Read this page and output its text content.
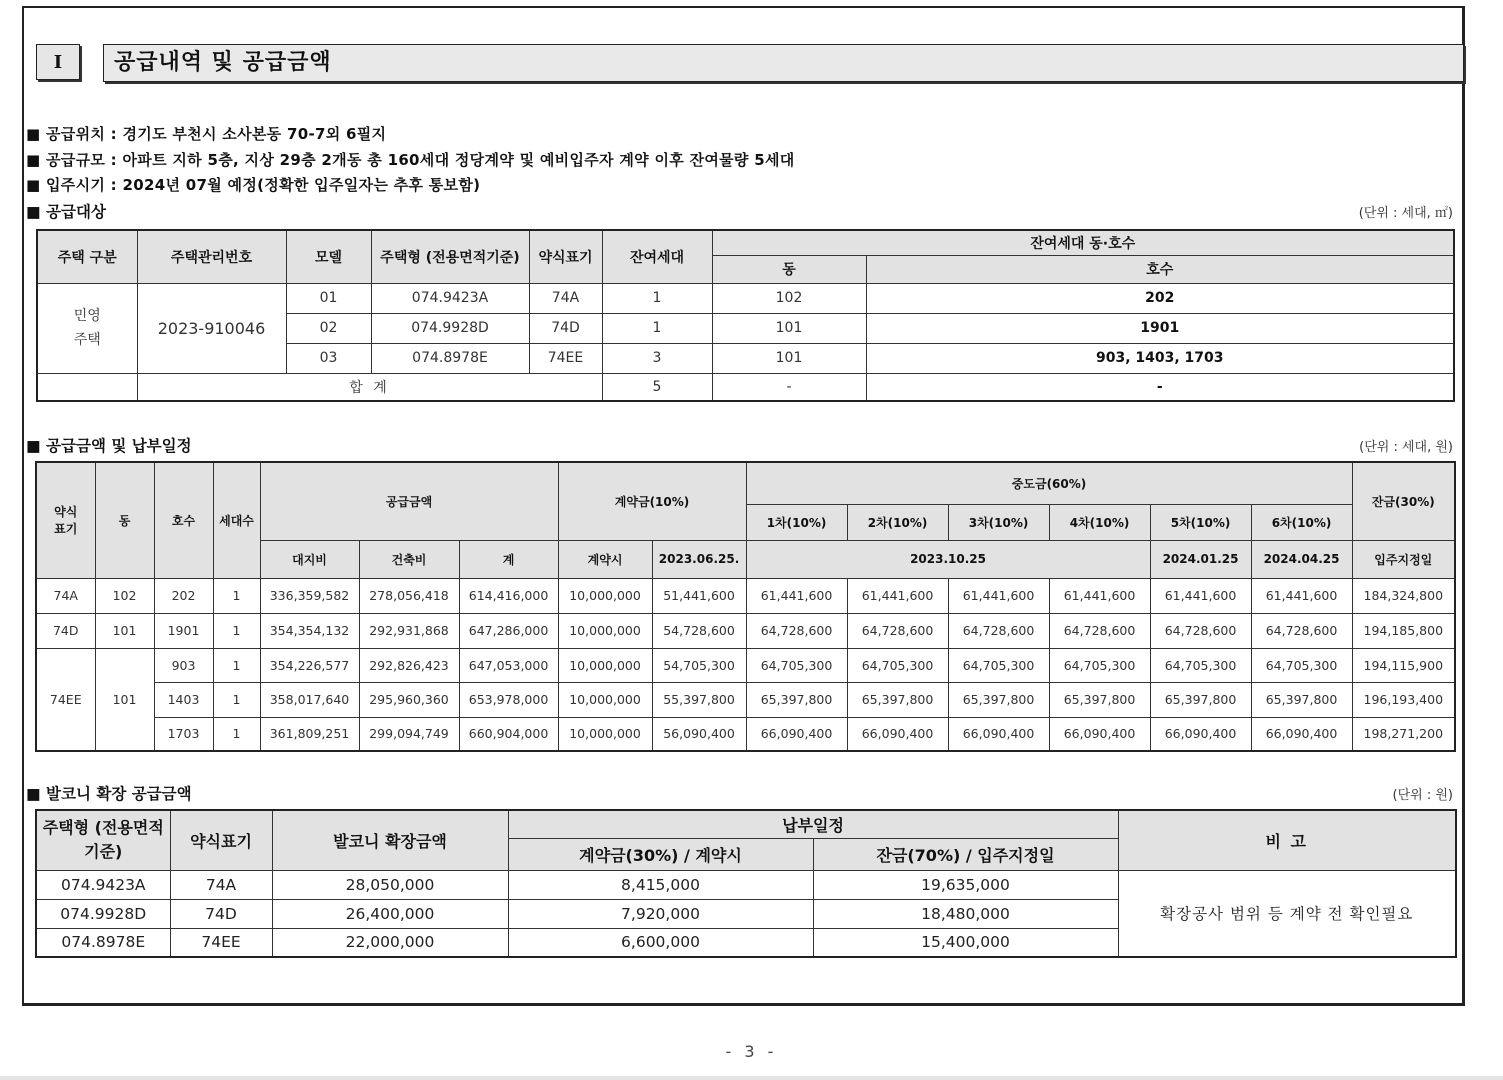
I	공급내역 및 공급금액
■ 공급위치 : 경기도 부천시 소사본동 70-7외 6필지
■ 공급규모 : 아파트 지하 5층, 지상 29층 2개동 총 160세대 정당계약 및 예비입주자 계약 이후 잔여물량 5세대
■ 입주시기 : 2024년 07월 예정(정확한 입주일자는 추후 통보함)
■ 공급대상	(단위 : 세대, ㎡)
주택 구분	주택관리번호	모델	주택형 (전용면적기준)	약식표기	잔여세대	잔여세대 동·호수	
						동	호수
민영 주택	2023-910046	01	074.9423A	74A	1	102	202
		02	074.9928D	74D	1	101	1901
		03	074.8978E	74EE	3	101	903, 1403, 1703
	합 계				5	-	-
■ 공급금액 및 납부일정	(단위 : 세대, 원)
약식 표기	동	호수	세대수	공급금액			계약금(10%)		중도금(60%)						잔금(30%)
									1차(10%)	2차(10%)	3차(10%)	4차(10%)	5차(10%)	6차(10%)	
				대지비	건축비	계	계약시	2023.06.25.	2023.10.25				2024.01.25	2024.04.25	입주지정일
74A	102	202	1	336,359,582	278,056,418	614,416,000	10,000,000	51,441,600	61,441,600	61,441,600	61,441,600	61,441,600	61,441,600	61,441,600	184,324,800
74D	101	1901	1	354,354,132	292,931,868	647,286,000	10,000,000	54,728,600	64,728,600	64,728,600	64,728,600	64,728,600	64,728,600	64,728,600	194,185,800
74EE	101	903	1	354,226,577	292,826,423	647,053,000	10,000,000	54,705,300	64,705,300	64,705,300	64,705,300	64,705,300	64,705,300	64,705,300	194,115,900
		1403	1	358,017,640	295,960,360	653,978,000	10,000,000	55,397,800	65,397,800	65,397,800	65,397,800	65,397,800	65,397,800	65,397,800	196,193,400
		1703	1	361,809,251	299,094,749	660,904,000	10,000,000	56,090,400	66,090,400	66,090,400	66,090,400	66,090,400	66,090,400	66,090,400	198,271,200
■ 발코니 확장 공급금액	(단위 : 원)
주택형 (전용면적기준)	약식표기	발코니 확장금액	납부일정		비 고
			계약금(30%) / 계약시	잔금(70%) / 입주지정일	
074.9423A	74A	28,050,000	8,415,000	19,635,000	확장공사 범위 등 계약 전 확인필요
074.9928D	74D	26,400,000	7,920,000	18,480,000	
074.8978E	74EE	22,000,000	6,600,000	15,400,000	
- 3 -
